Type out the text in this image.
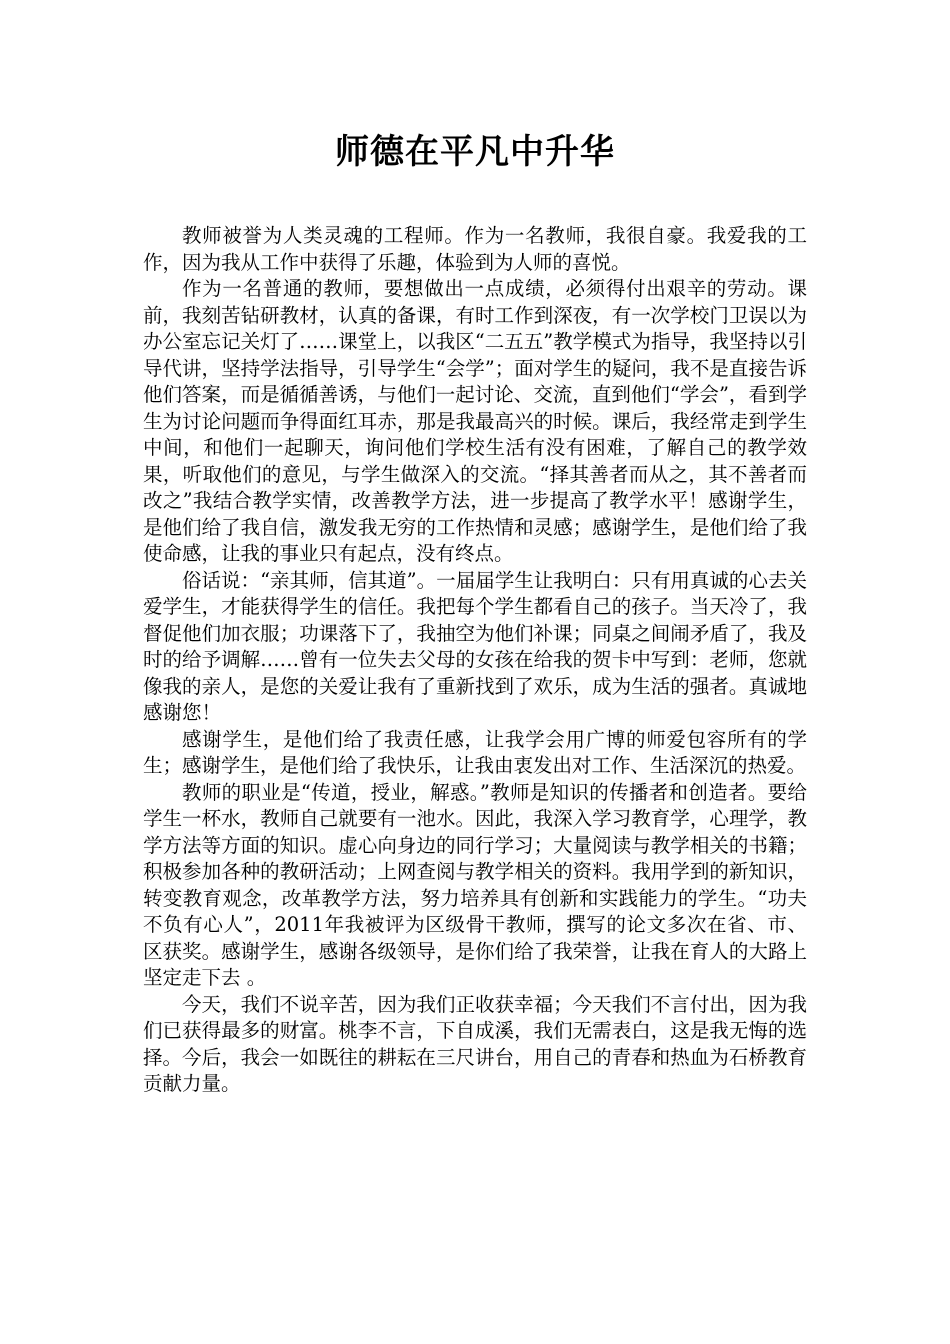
师德在平凡中升华

教师被誉为人类灵魂的工程师。作为一名教师，我很自豪。我爱我的工作，因为我从工作中获得了乐趣，体验到为人师的喜悦。

作为一名普通的教师，要想做出一点成绩，必须得付出艰辛的劳动。课前，我刻苦钻研教材，认真的备课，有时工作到深夜，有一次学校门卫误以为办公室忘记关灯了……课堂上，以我区“二五五”教学模式为指导，我坚持以引导代讲，坚持学法指导，引导学生“会学”；面对学生的疑问，我不是直接告诉他们答案，而是循循善诱，与他们一起讨论、交流，直到他们“学会”，看到学生为讨论问题而争得面红耳赤，那是我最高兴的时候。课后，我经常走到学生中间，和他们一起聊天，询问他们学校生活有没有困难，了解自己的教学效果，听取他们的意见，与学生做深入的交流。“择其善者而从之，其不善者而改之”我结合教学实情，改善教学方法，进一步提高了教学水平！感谢学生，是他们给了我自信，激发我无穷的工作热情和灵感；感谢学生，是他们给了我使命感，让我的事业只有起点，没有终点。

俗话说：“亲其师，信其道”。一届届学生让我明白：只有用真诚的心去关爱学生，才能获得学生的信任。我把每个学生都看自己的孩子。当天冷了，我督促他们加衣服；功课落下了，我抽空为他们补课；同桌之间闹矛盾了，我及时的给予调解……曾有一位失去父母的女孩在给我的贺卡中写到：老师，您就像我的亲人，是您的关爱让我有了重新找到了欢乐，成为生活的强者。真诚地感谢您！

感谢学生，是他们给了我责任感，让我学会用广博的师爱包容所有的学生；感谢学生，是他们给了我快乐，让我由衷发出对工作、生活深沉的热爱。

教师的职业是“传道，授业，解惑。”教师是知识的传播者和创造者。要给学生一杯水，教师自己就要有一池水。因此，我深入学习教育学，心理学，教学方法等方面的知识。虚心向身边的同行学习；大量阅读与教学相关的书籍；积极参加各种的教研活动；上网查阅与教学相关的资料。我用学到的新知识，转变教育观念，改革教学方法，努力培养具有创新和实践能力的学生。“功夫不负有心人”，2011年我被评为区级骨干教师，撰写的论文多次在省、市、区获奖。感谢学生，感谢各级领导，是你们给了我荣誉，让我在育人的大路上坚定走下去 。

今天，我们不说辛苦，因为我们正收获幸福；今天我们不言付出，因为我们已获得最多的财富。桃李不言，下自成溪，我们无需表白，这是我无悔的选择。今后，我会一如既往的耕耘在三尺讲台，用自己的青春和热血为石桥教育贡献力量。
